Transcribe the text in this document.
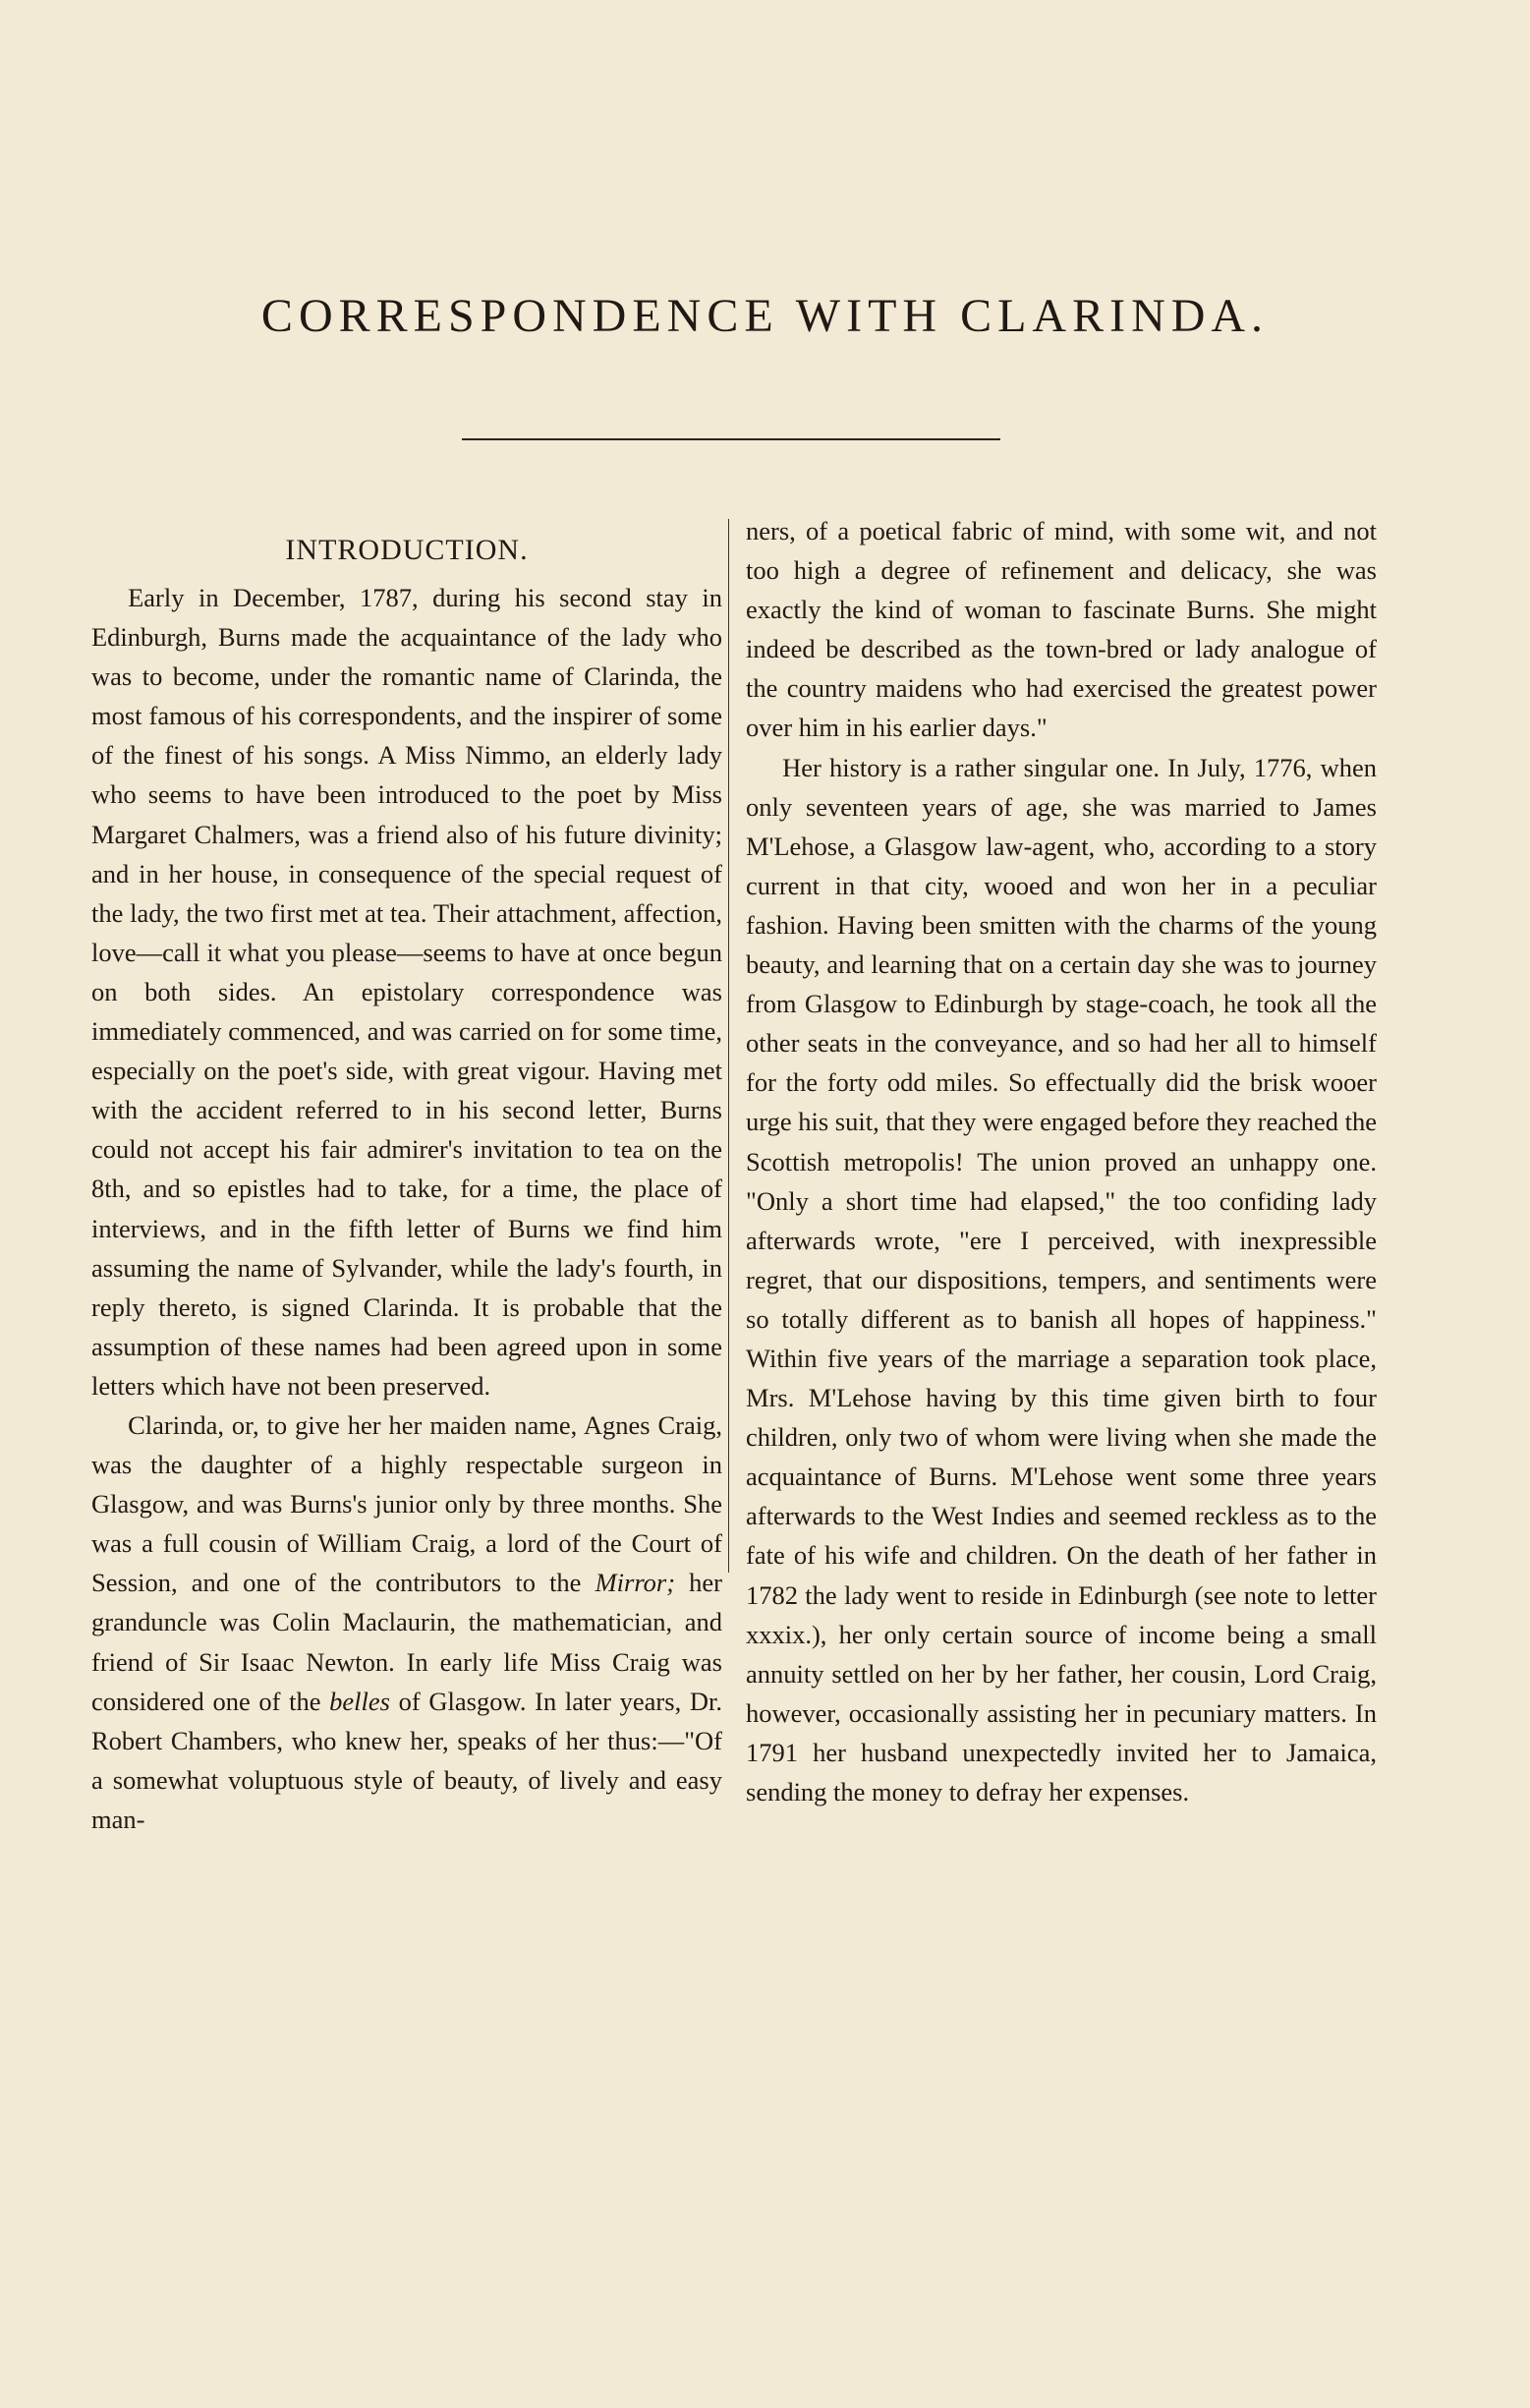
CORRESPONDENCE WITH CLARINDA.
INTRODUCTION.

Early in December, 1787, during his second stay in Edinburgh, Burns made the acquaintance of the lady who was to become, under the romantic name of Clarinda, the most famous of his correspondents, and the inspirer of some of the finest of his songs. A Miss Nimmo, an elderly lady who seems to have been introduced to the poet by Miss Margaret Chalmers, was a friend also of his future divinity; and in her house, in consequence of the special request of the lady, the two first met at tea. Their attachment, affection, love—call it what you please—seems to have at once begun on both sides. An epistolary correspondence was immediately commenced, and was carried on for some time, especially on the poet's side, with great vigour. Having met with the accident referred to in his second letter, Burns could not accept his fair admirer's invitation to tea on the 8th, and so epistles had to take, for a time, the place of interviews, and in the fifth letter of Burns we find him assuming the name of Sylvander, while the lady's fourth, in reply thereto, is signed Clarinda. It is probable that the assumption of these names had been agreed upon in some letters which have not been preserved.

Clarinda, or, to give her her maiden name, Agnes Craig, was the daughter of a highly respectable surgeon in Glasgow, and was Burns's junior only by three months. She was a full cousin of William Craig, a lord of the Court of Session, and one of the contributors to the Mirror; her granduncle was Colin Maclaurin, the mathematician, and friend of Sir Isaac Newton. In early life Miss Craig was considered one of the belles of Glasgow. In later years, Dr. Robert Chambers, who knew her, speaks of her thus:—"Of a somewhat voluptuous style of beauty, of lively and easy man-

ners, of a poetical fabric of mind, with some wit, and not too high a degree of refinement and delicacy, she was exactly the kind of woman to fascinate Burns. She might indeed be described as the town-bred or lady analogue of the country maidens who had exercised the greatest power over him in his earlier days."

Her history is a rather singular one. In July, 1776, when only seventeen years of age, she was married to James M'Lehose, a Glasgow law-agent, who, according to a story current in that city, wooed and won her in a peculiar fashion. Having been smitten with the charms of the young beauty, and learning that on a certain day she was to journey from Glasgow to Edinburgh by stage-coach, he took all the other seats in the conveyance, and so had her all to himself for the forty odd miles. So effectually did the brisk wooer urge his suit, that they were engaged before they reached the Scottish metropolis! The union proved an unhappy one. "Only a short time had elapsed," the too confiding lady afterwards wrote, "ere I perceived, with inexpressible regret, that our dispositions, tempers, and sentiments were so totally different as to banish all hopes of happiness." Within five years of the marriage a separation took place, Mrs. M'Lehose having by this time given birth to four children, only two of whom were living when she made the acquaintance of Burns. M'Lehose went some three years afterwards to the West Indies and seemed reckless as to the fate of his wife and children. On the death of her father in 1782 the lady went to reside in Edinburgh (see note to letter xxxix.), her only certain source of income being a small annuity settled on her by her father, her cousin, Lord Craig, however, occasionally assisting her in pecuniary matters. In 1791 her husband unexpectedly invited her to Jamaica, sending the money to defray her expenses.
